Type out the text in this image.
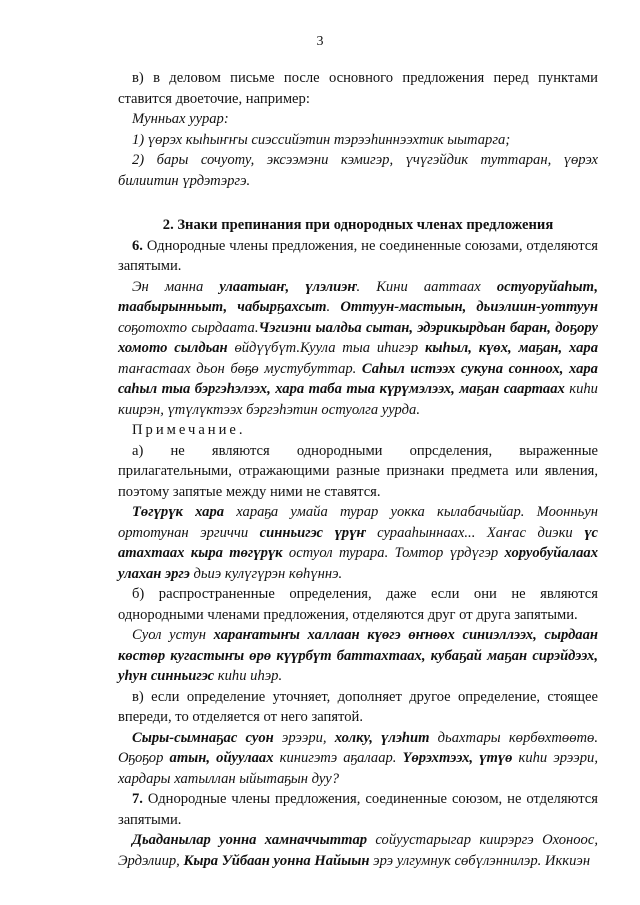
3

в) в деловом письме после основного предложения перед пунктами ставится двоеточие, например:

Мунньах уурар:

1) үөрэх кыһыҥҥы сиэссийэтин тэрээһиннээхтик ыытарга;

2) бары сочуоту, эксээмэни кэмигэр, үчүгэйдик туттаран, үөрэх билиитин үрдэтэргэ.

2. Знаки препинания при однородных членах предложения

6. Однородные члены предложения, не соединенные союзами, отделяются запятыми.

Эн манна улаатыаҥ, үлэлиэҥ. Кини ааттаах остуоруйаһыт, таабырынньыт, чабырҕахсыт. Оттуун-мастыын, дьиэлиин-уоттуун соҕотохто сырдаата.Чэгиэни ыалдьа сытан, эдэрикырдьан баран, доҕору хомото сылдьан өйдүүбүт.Куула тыа иһигэр кыһыл, күөх, маҕан, хара таҥастаах дьон бөҕө мустубуттар. Саһыл истээх сукуна сонноох, хара саһыл тыа бэргэһэлээх, хара таба тыа күрүмэлээх, маҕан саартаах киһи киирэн, үтүлүктээх бэргэһэтин остуолга уурда.

Примечание.

а) не являются однородными опрсделения, выраженные прилагательными, отражающими разные признаки предмета или явления, поэтому запятые между ними не ставятся.

Төгүрүк хара хараҕа умайа турар уокка кылабачыйар. Моонньун ортотунан эргиччи синньигэс үрүҥ сурааһыннаах... Хаҥас диэки үс атахтаах кыра төгүрүк остуол турара. Томтор үрдүгэр хоруобуйалаах улахан эргэ дьиэ кулүгүрэн көһүннэ.

б) распространенные определения, даже если они не являются однородными членами предложения, отделяются друг от друга запятыми.

Суол устун хараҥатыҥы халлаан күөгэ өҥнөөх синиэллээх, сырдаан көстөр кугастыҥы өрө күүрбүт баттахтаах, кубаҕай маҕан сирэйдээх, уһун синньигэс киһи иһэр.

в) если определение уточняет, дополняет другое определение, стоящее впереди, то отделяется от него запятой.

Сыры-сымнаҕас суон эрээри, холку, үлэһит дьахтары көрбөхтөөтө. Оҕоҕор атын, ойуулаах кинигэтэ аҕалаар. Үөрэхтээх, үтүө киһи эрээри, хардары хатыллан ыйытаҕын дуу?

7. Однородные члены предложения, соединенные союзом, не отделяются запятыми.

Дьаданылар уонна хамначчыттар сойуустарыгар киирэргэ Охоноос, Эрдэлиир, Кыра Уйбаан уонна Найыын эрэ улгумнук сөбүлэннилэр. Иккиэн
